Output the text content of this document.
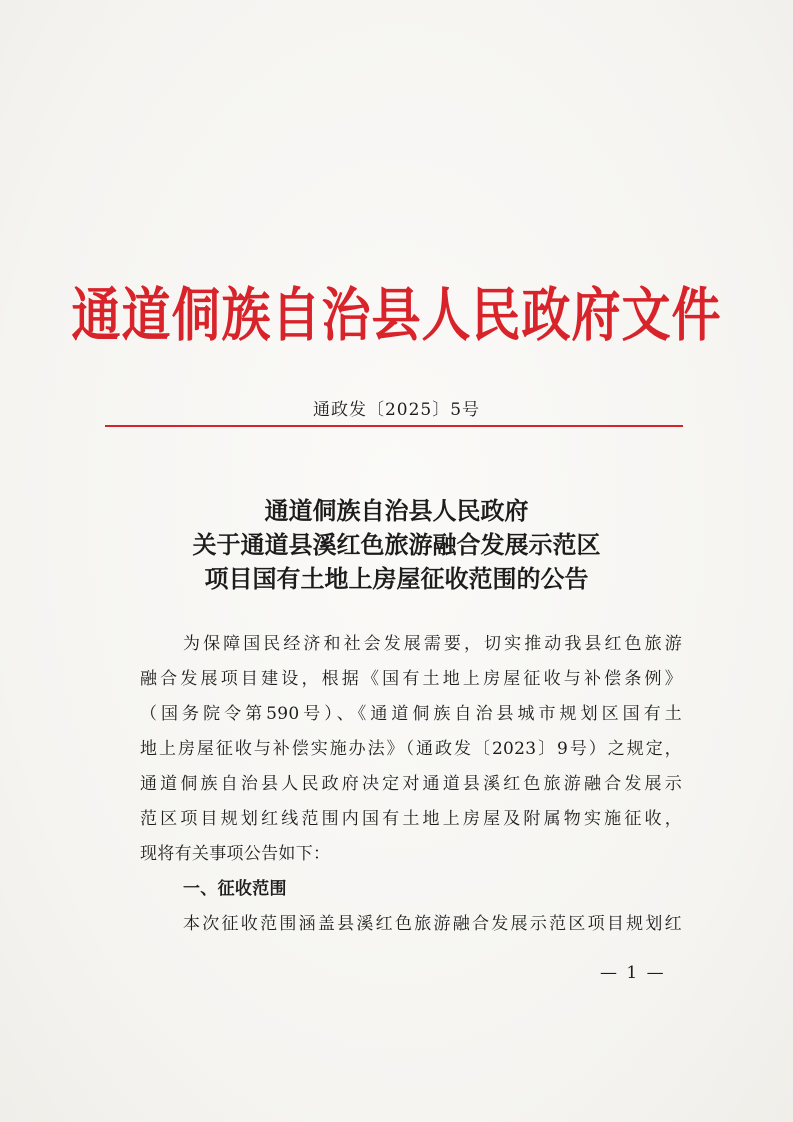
通道侗族自治县人民政府文件
通政发〔2025〕5号
通道侗族自治县人民政府
关于通道县溪红色旅游融合发展示范区
项目国有土地上房屋征收范围的公告
为保障国民经济和社会发展需要，切实推动我县红色旅游
融合发展项目建设，根据《国有土地上房屋征收与补偿条例》
（国务院令第590号）、《通道侗族自治县城市规划区国有土
地上房屋征收与补偿实施办法》（通政发〔2023〕9号）之规定，
通道侗族自治县人民政府决定对通道县溪红色旅游融合发展示
范区项目规划红线范围内国有土地上房屋及附属物实施征收，
现将有关事项公告如下：
一、征收范围
本次征收范围涵盖县溪红色旅游融合发展示范区项目规划红
— 1 —
